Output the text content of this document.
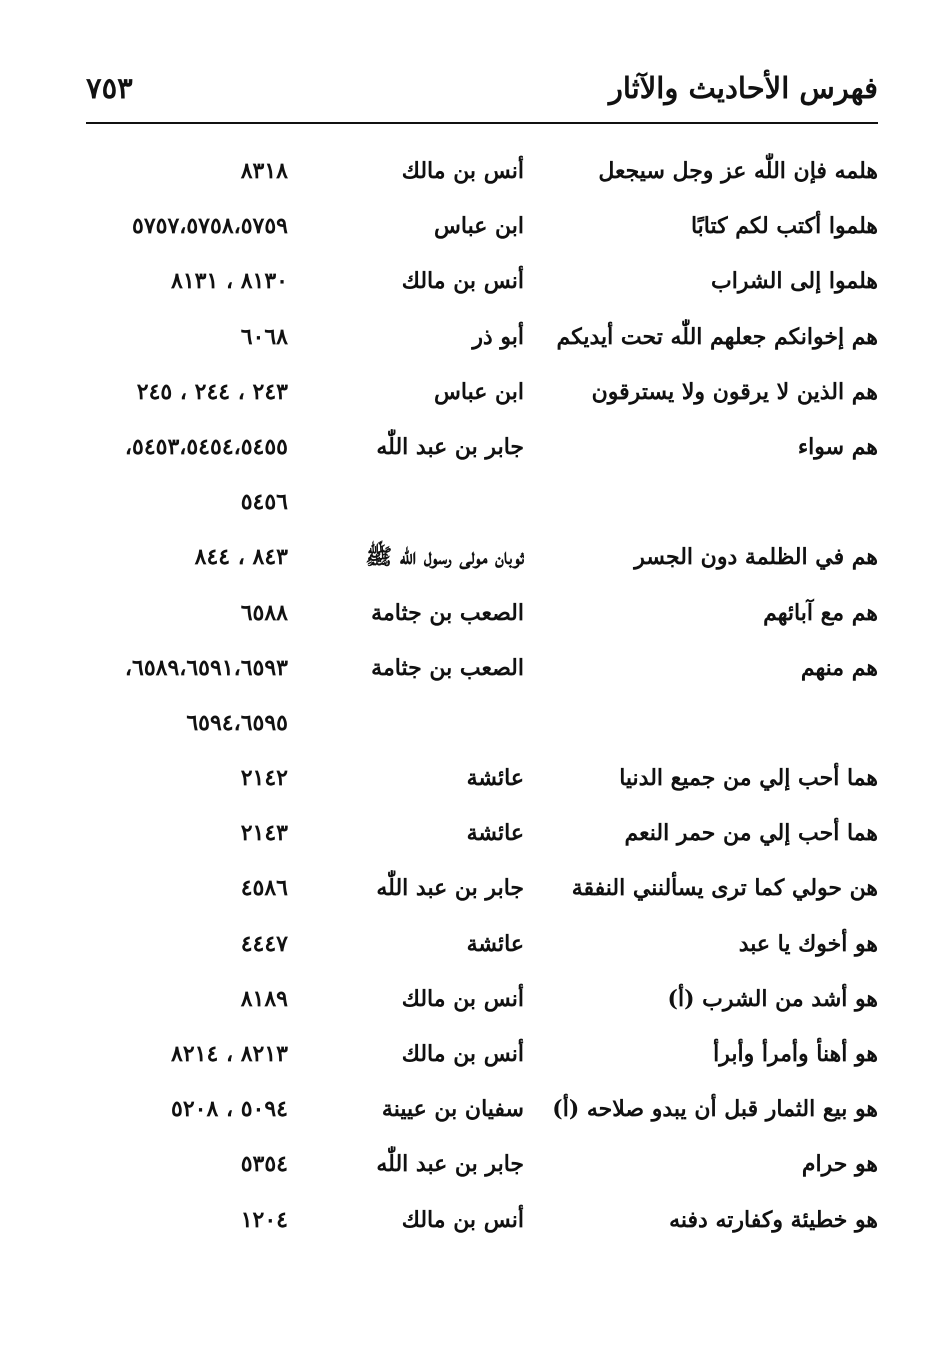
فهرس الأحاديث والآثار
٧٥٣
هلمه فإن اللّٰه عز وجل سيجعل
أنس بن مالك
٨٣١٨
هلموا أكتب لكم كتابًا
ابن عباس
٥٧٥٧،٥٧٥٨،٥٧٥٩
هلموا إلى الشراب
أنس بن مالك
٨١٣٠ ، ٨١٣١
هم إخوانكم جعلهم اللّٰه تحت أيديكم
أبو ذر
٦٠٦٨
هم الذين لا يرقون ولا يسترقون
ابن عباس
٢٤٣ ، ٢٤٤ ، ٢٤٥
هم سواء
جابر بن عبد اللّٰه
٥٤٥٣،٥٤٥٤،٥٤٥٥،
٥٤٥٦
هم في الظلمة دون الجسر
ثوبان مولى رسول اللّٰه ﷺ
٨٤٣ ، ٨٤٤
هم مع آبائهم
الصعب بن جثامة
٦٥٨٨
هم منهم
الصعب بن جثامة
٦٥٨٩،٦٥٩١،٦٥٩٣،
٦٥٩٤،٦٥٩٥
هما أحب إلي من جميع الدنيا
عائشة
٢١٤٢
هما أحب إلي من حمر النعم
عائشة
٢١٤٣
هن حولي كما ترى يسألنني النفقة
جابر بن عبد اللّٰه
٤٥٨٦
هو أخوك يا عبد
عائشة
٤٤٤٧
هو أشد من الشرب (أ)
أنس بن مالك
٨١٨٩
هو أهنأ وأمرأ وأبرأ
أنس بن مالك
٨٢١٣ ، ٨٢١٤
هو بيع الثمار قبل أن يبدو صلاحه (أ)
سفيان بن عيينة
٥٠٩٤ ، ٥٢٠٨
هو حرام
جابر بن عبد اللّٰه
٥٣٥٤
هو خطيئة وكفارته دفنه
أنس بن مالك
١٢٠٤
